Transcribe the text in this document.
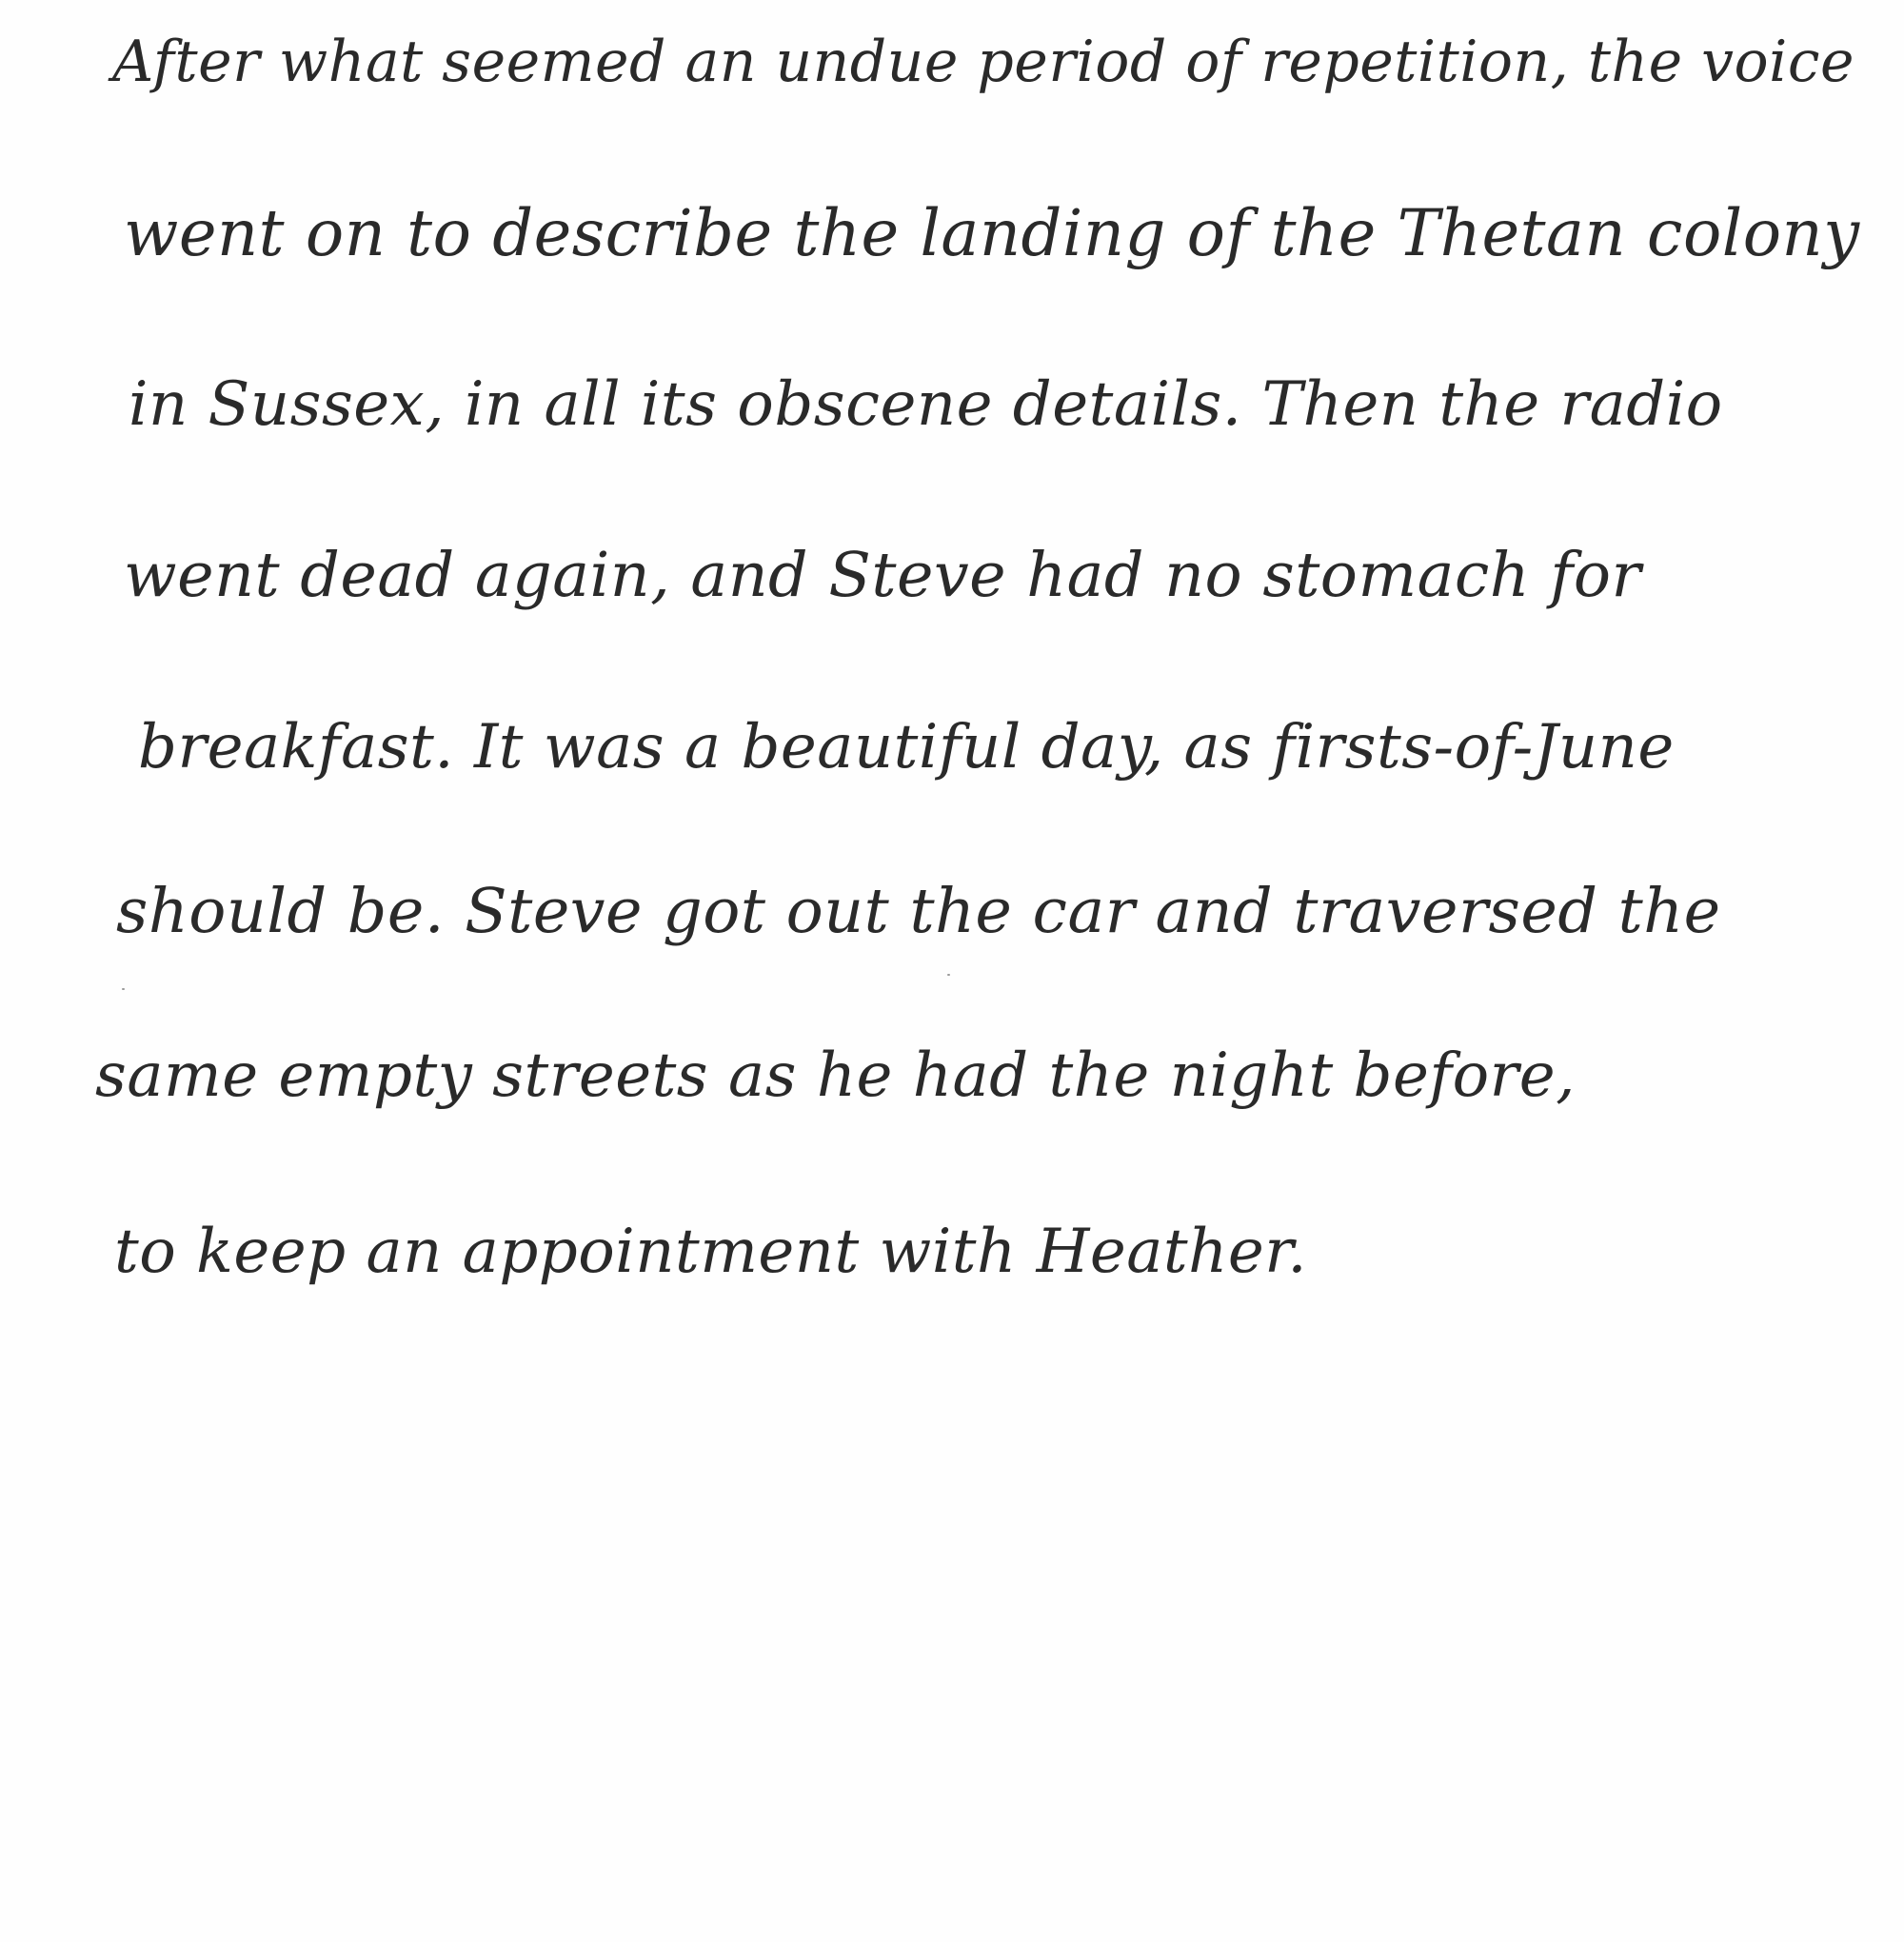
After what seemed an undue period of repetition, the voice
went on to describe the landing of the Thetan colony
in Sussex, in all its obscene details. Then the radio
went dead again, and Steve had no stomach for
breakfast. It was a beautiful day, as firsts-of-June
should be. Steve got out the car and traversed the
same empty streets as he had the night before,
to keep an appointment with Heather.
